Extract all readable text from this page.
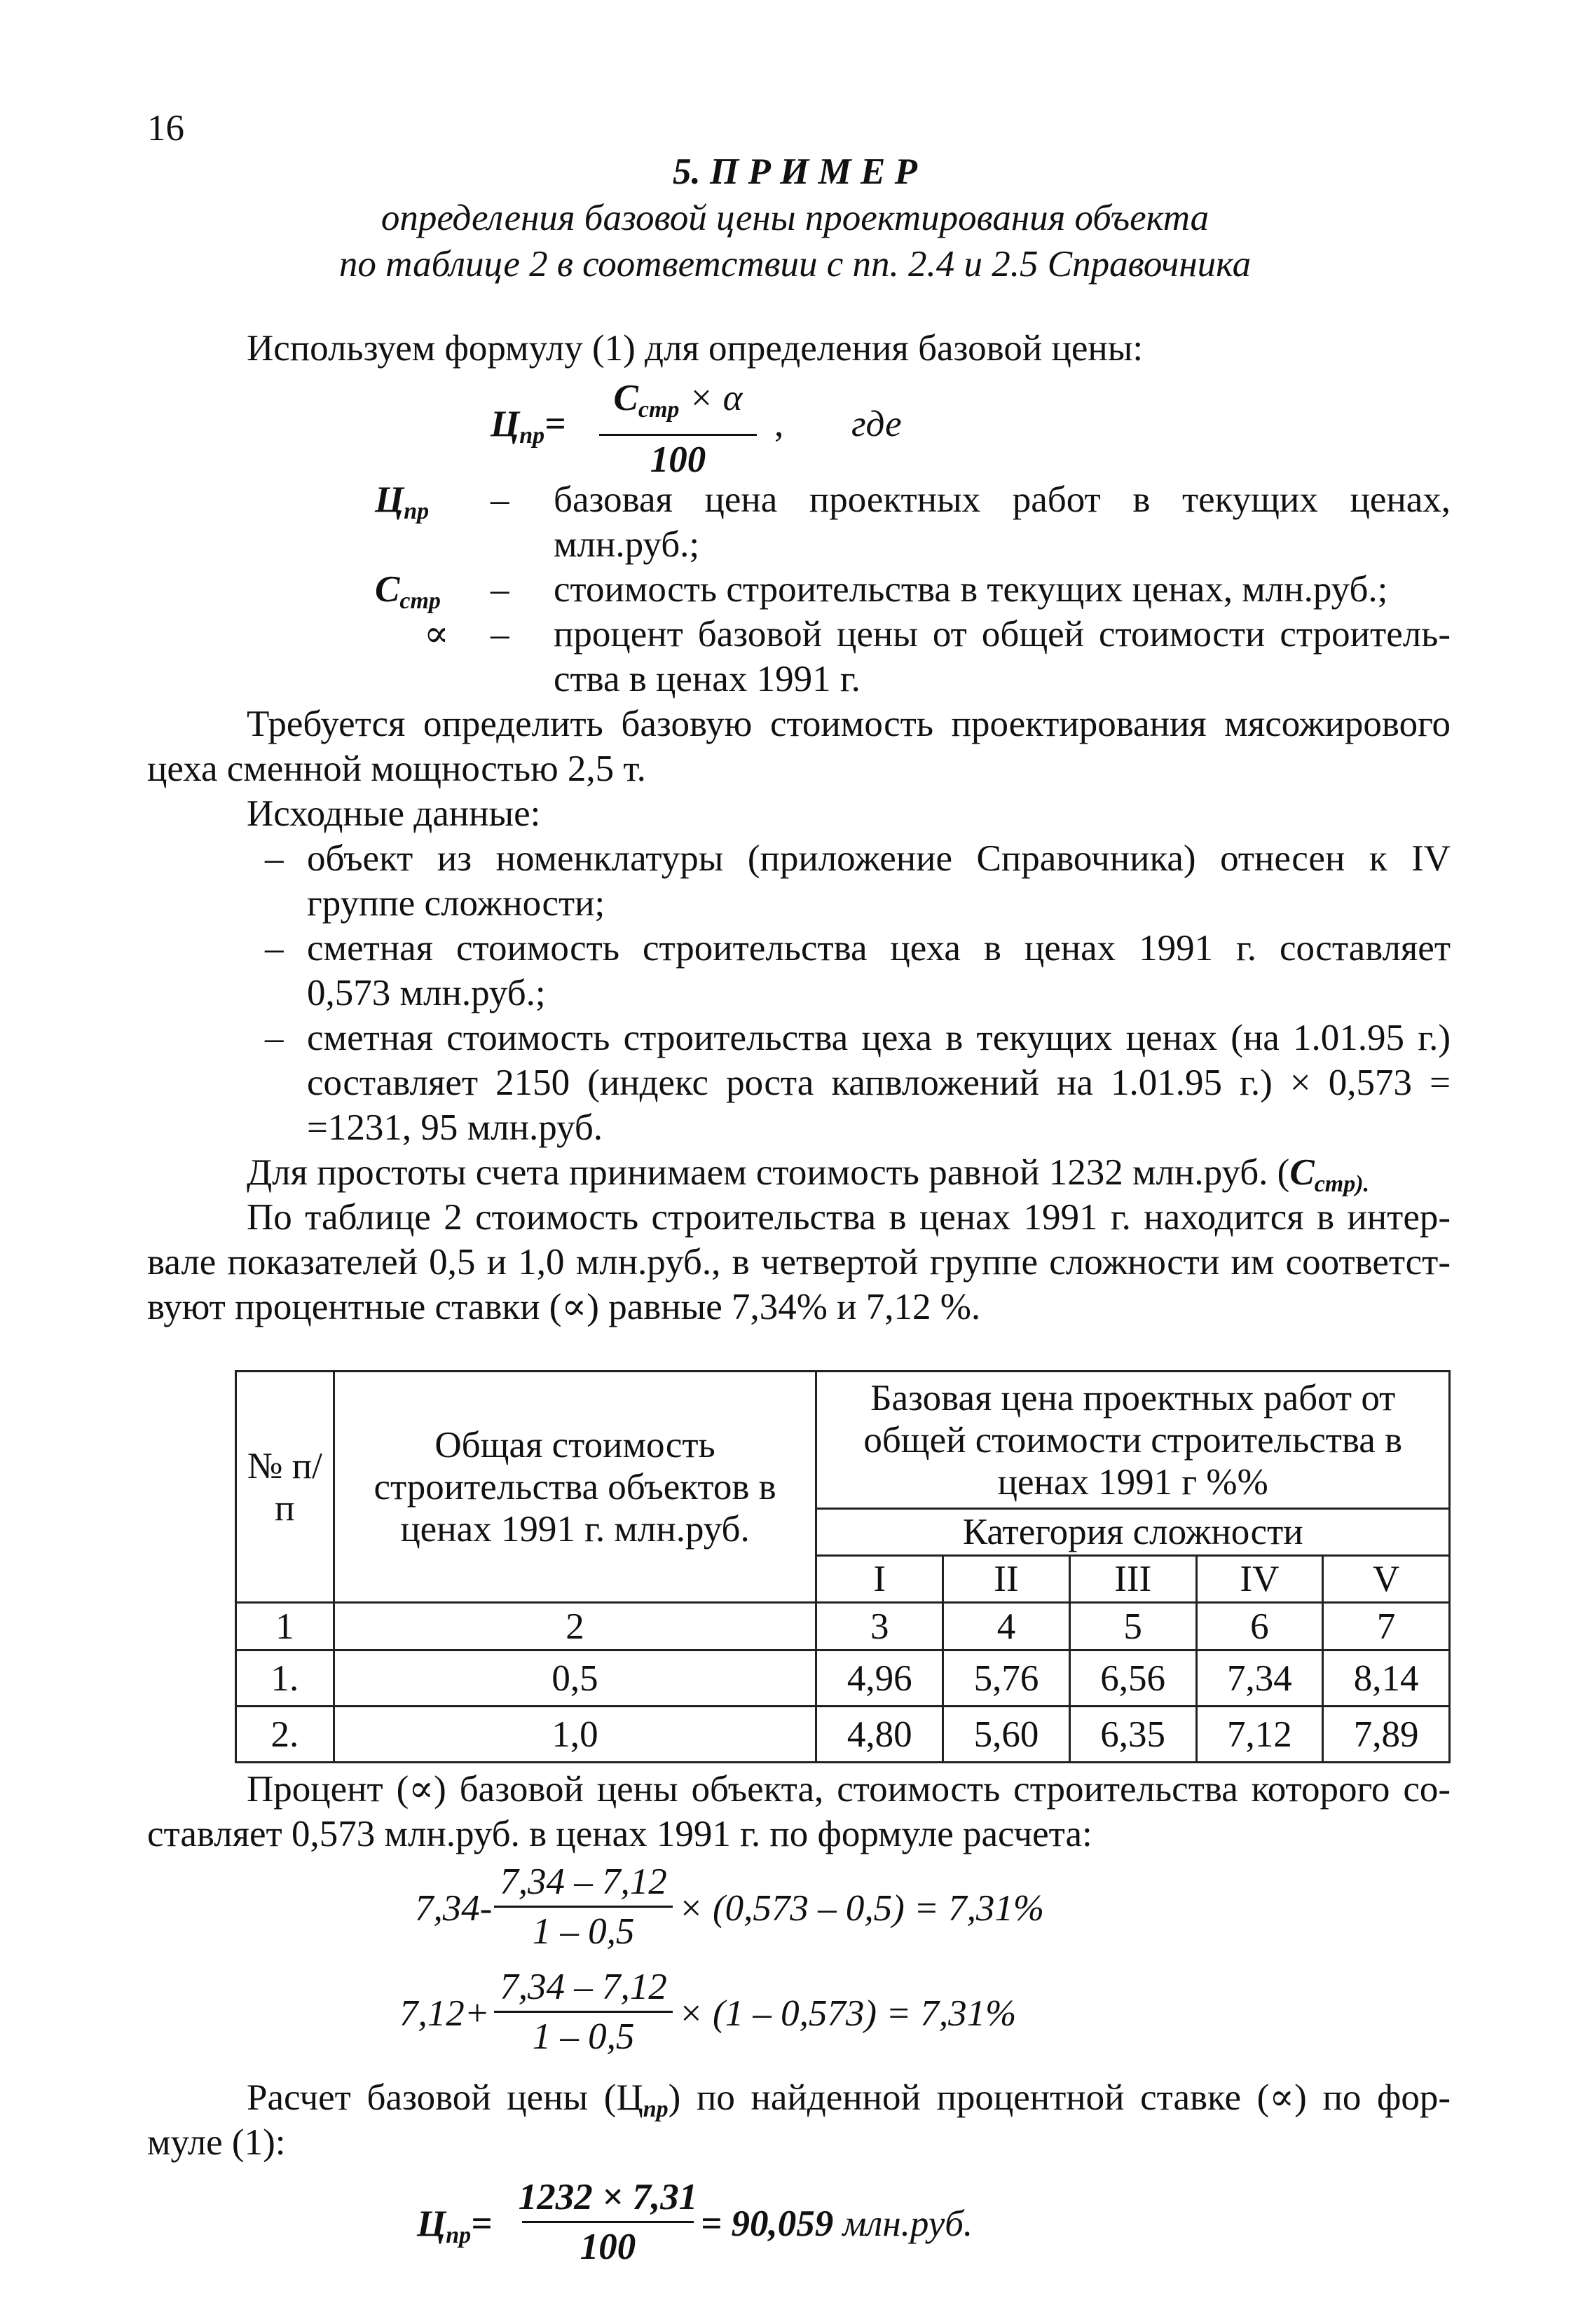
16
5. П Р И М Е Р
определения базовой цены проектирования объекта
по таблице 2 в соответствии с пп. 2.4 и 2.5 Справочника
Используем формулу (1) для определения базовой цены:
$Ц_{пр}=$
$С_{стр} \times \alpha$
100
, где
$Ц_{пр}$ – базовая цена проектных работ в текущих ценах,
млн.руб.;
$С_{стр}$ – стоимость строительства в текущих ценах, млн.руб.;
∝ – процент базовой цены от общей стоимости строитель-
ства в ценах 1991 г.
Требуется определить базовую стоимость проектирования мясожирового
цеха сменной мощностью 2,5 т.
Исходные данные:
– объект из номенклатуры (приложение Справочника) отнесен к IV
группе сложности;
– сметная стоимость строительства цеха в ценах 1991 г. составляет
0,573 млн.руб.;
– сметная стоимость строительства цеха в текущих ценах (на 1.01.95 г.)
составляет 2150 (индекс роста капвложений на 1.01.95 г.) × 0,573 =
=1231, 95 млн.руб.
Для простоты счета принимаем стоимость равной 1232 млн.руб. ($С_{стр).}$
По таблице 2 стоимость строительства в ценах 1991 г. находится в интер-
вале показателей 0,5 и 1,0 млн.руб., в четвертой группе сложности им соответст-
вуют процентные ставки (∝) равные 7,34% и 7,12 %.
№ п/п	Общая стоимость строительства объектов в ценах 1991 г. млн.руб.	Базовая цена проектных работ от общей стоимости строительства в ценах 1991 г %%				
		Категория сложности				
		I	II	III	IV	V
1	2	3	4	5	6	7
1.	0,5	4,96	5,76	6,56	7,34	8,14
2.	1,0	4,80	5,60	6,35	7,12	7,89
Процент (∝) базовой цены объекта, стоимость строительства которого со-
ставляет 0,573 млн.руб. в ценах 1991 г. по формуле расчета:
7,34-
7,34 – 7,12
1 – 0,5
× (0,573 – 0,5) = 7,31%
7,12+
7,34 – 7,12
1 – 0,5
× (1 – 0,573) = 7,31%
Расчет базовой цены $(Ц_{пр})$ по найденной процентной ставке (∝) по фор-
муле (1):
$Ц_{пр}=$
1232 × 7,31
100
= 90,059 млн.руб.
